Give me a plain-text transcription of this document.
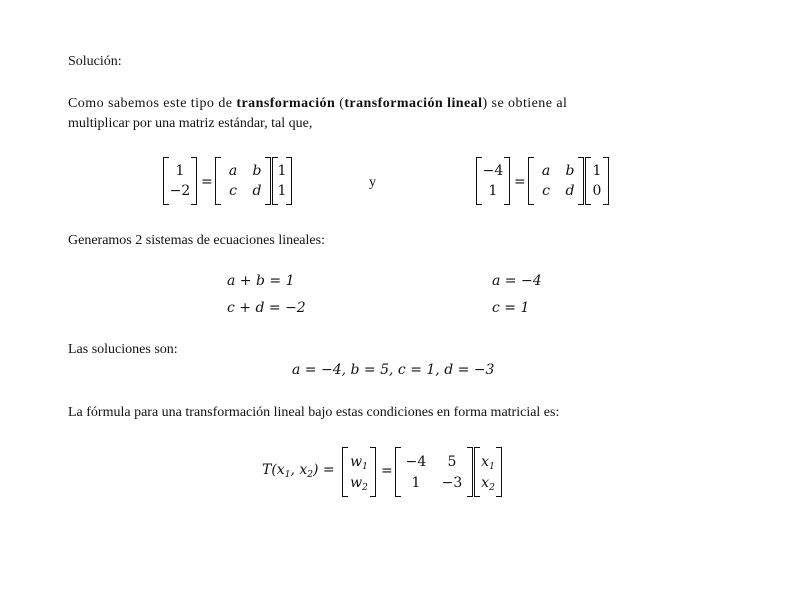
Solución:
Como sabemos este tipo de transformación (transformación lineal) se obtiene al
multiplicar por una matriz estándar, tal que,
1
−2
=
a	b
c	d
1
1
y
−4
1
=
a	b
c	d
1
0
Generamos 2 sistemas de ecuaciones lineales:
a + b = 1
c + d = −2
a = −4
c = 1
Las soluciones son:
a = −4, b = 5, c = 1, d = −3
La fórmula para una transformación lineal bajo estas condiciones en forma matricial es:
$T(x_1$, $x_2) = w_1$
$w_2$
=
−4	5
1	−3
$x_1$
$x_2$
